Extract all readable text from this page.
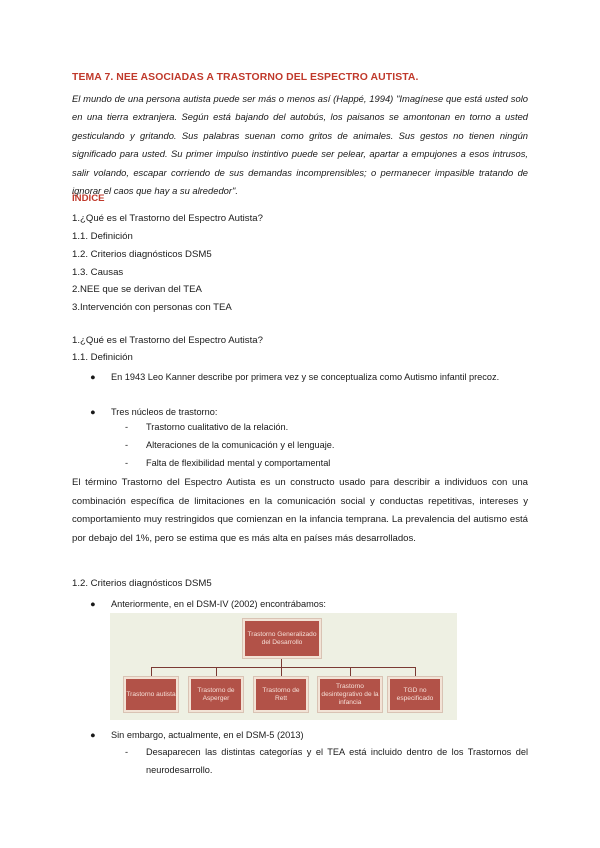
TEMA 7. NEE ASOCIADAS A TRASTORNO DEL ESPECTRO AUTISTA.
El mundo de una persona autista puede ser más o menos así (Happé, 1994) "Imagínese que está usted solo en una tierra extranjera. Según está bajando del autobús, los paisanos se amontonan en torno a usted gesticulando y gritando. Sus palabras suenan como gritos de animales. Sus gestos no tienen ningún significado para usted. Su primer impulso instintivo puede ser pelear, apartar a empujones a esos intrusos, salir volando, escapar corriendo de sus demandas incomprensibles; o permanecer impasible tratando de ignorar el caos que hay a su alrededor".
ÍNDICE
1.¿Qué es el Trastorno del Espectro Autista?
1.1. Definición
1.2. Criterios diagnósticos DSM5
1.3. Causas
2.NEE que se derivan del TEA
3.Intervención con personas con TEA
1.¿Qué es el Trastorno del Espectro Autista?
1.1. Definición
● En 1943 Leo Kanner describe por primera vez y se conceptualiza como Autismo infantil precoz.
● Tres núcleos de trastorno:
- Trastorno cualitativo de la relación.
- Alteraciones de la comunicación y el lenguaje.
- Falta de flexibilidad mental y comportamental
El término Trastorno del Espectro Autista es un constructo usado para describir a individuos con una combinación específica de limitaciones en la comunicación social y conductas repetitivas, intereses y comportamiento muy restringidos que comienzan en la infancia temprana. La prevalencia del autismo está por debajo del 1%, pero se estima que es más alta en países más desarrollados.
1.2. Criterios diagnósticos DSM5
● Anteriormente, en el DSM-IV (2002) encontrábamos:
Trastorno Generalizado del Desarrollo
Trastorno autista
Trastorno de Asperger
Trastorno de Rett
Trastorno desintegrativo de la infancia
TGD no especificado
● Sin embargo, actualmente, en el DSM-5 (2013)
- Desaparecen las distintas categorías y el TEA está incluido dentro de los Trastornos del neurodesarrollo.
